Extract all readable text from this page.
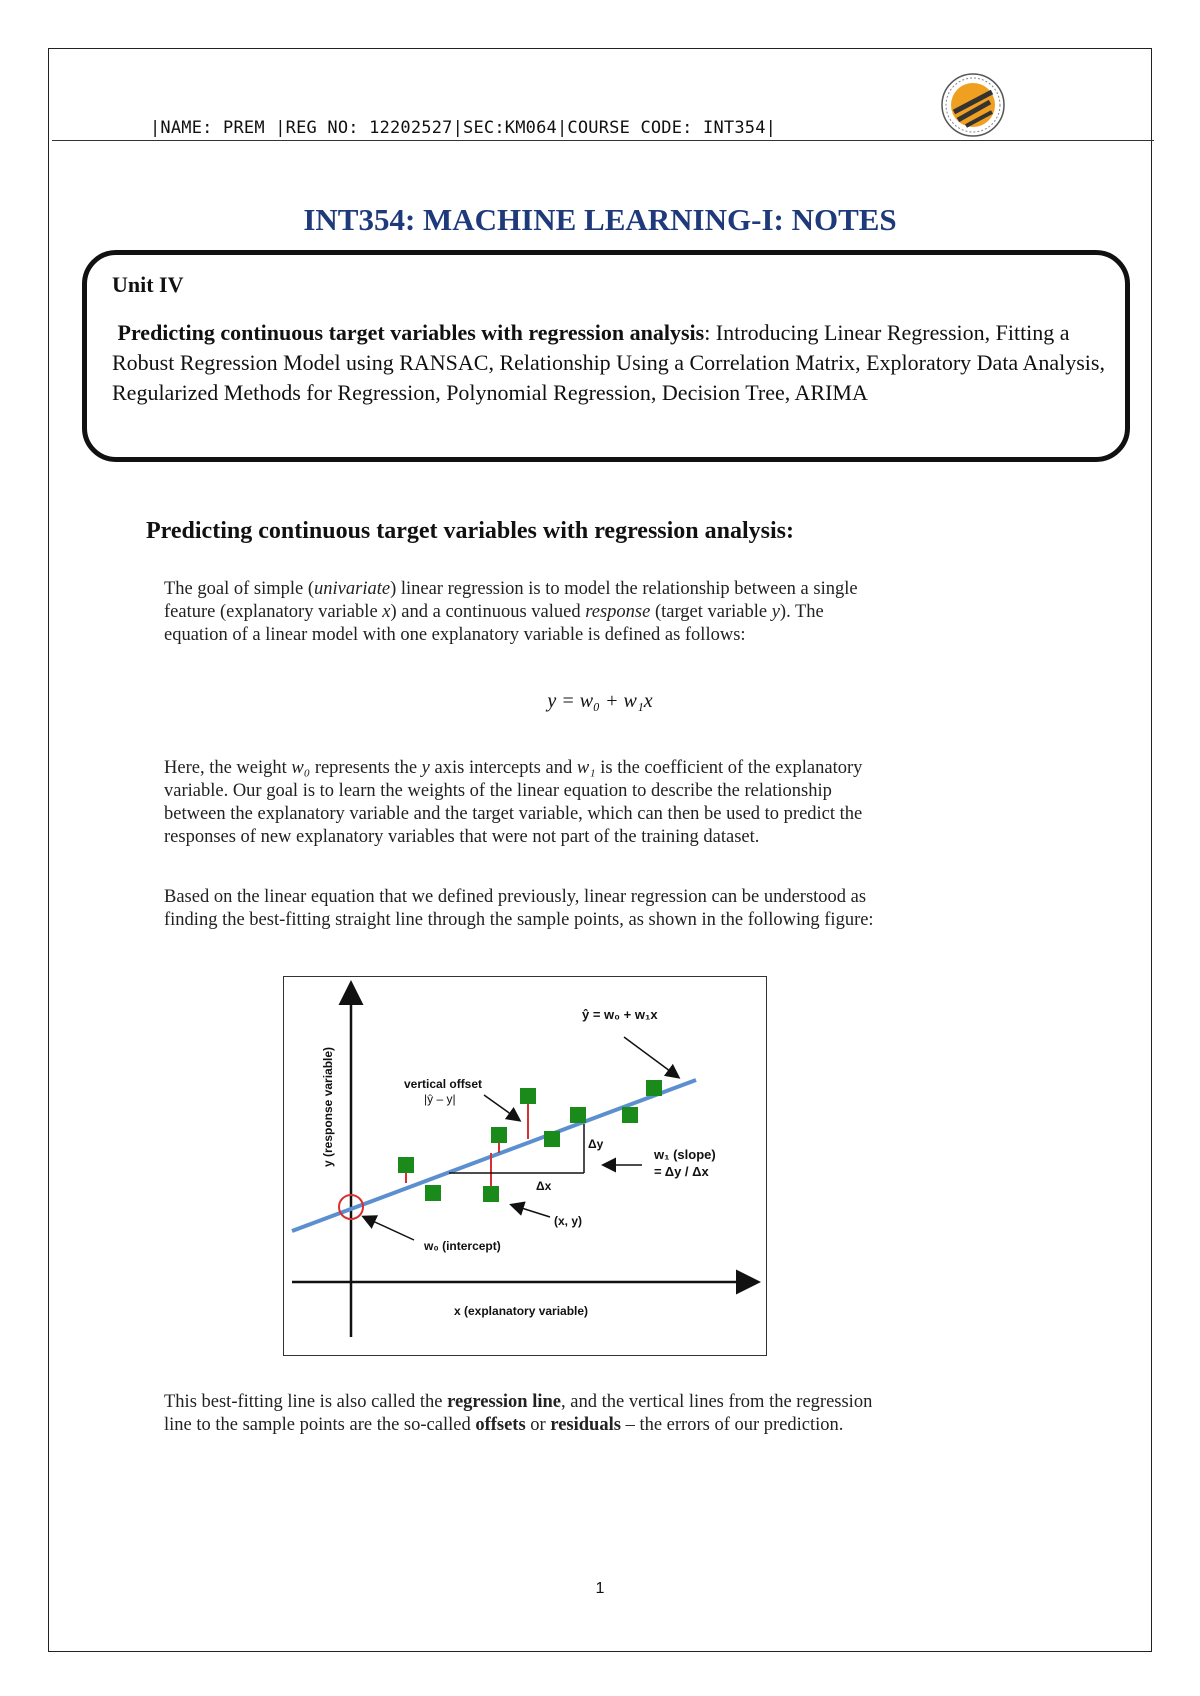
|NAME: PREM |REG NO: 12202527|SEC:KM064|COURSE CODE: INT354|
INT354: MACHINE LEARNING-I: NOTES
Unit IV
Predicting continuous target variables with regression analysis: Introducing Linear Regression, Fitting a Robust Regression Model using RANSAC, Relationship Using a Correlation Matrix, Exploratory Data Analysis, Regularized Methods for Regression, Polynomial Regression, Decision Tree, ARIMA
Predicting continuous target variables with regression analysis:
The goal of simple (univariate) linear regression is to model the relationship between a single feature (explanatory variable x) and a continuous valued response (target variable y). The equation of a linear model with one explanatory variable is defined as follows:
y = w₀ + w₁x
Here, the weight w₀ represents the y axis intercepts and w₁ is the coefficient of the explanatory variable. Our goal is to learn the weights of the linear equation to describe the relationship between the explanatory variable and the target variable, which can then be used to predict the responses of new explanatory variables that were not part of the training dataset.
Based on the linear equation that we defined previously, linear regression can be understood as finding the best-fitting straight line through the sample points, as shown in the following figure:
y (response variable)
x (explanatory variable)
ŷ = w₀ + w₁x
vertical offset
|ŷ – y|
Δy
Δx
w₁ (slope)
= Δy / Δx
(x, y)
w₀ (intercept)
This best-fitting line is also called the regression line, and the vertical lines from the regression line to the sample points are the so-called offsets or residuals – the errors of our prediction.
1
